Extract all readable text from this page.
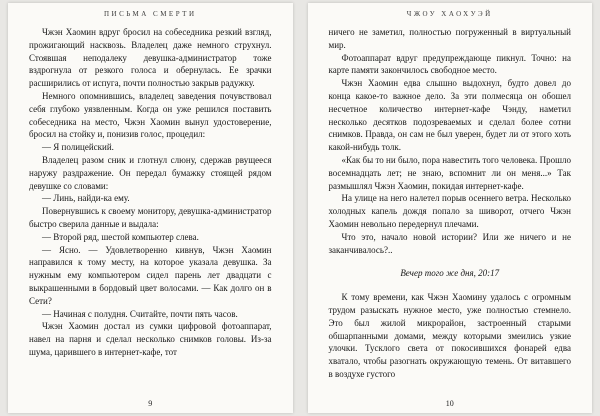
ПИСЬМА СМЕРТИ
Чжэн Хаомин вдруг бросил на собеседника резкий взгляд, прожигающий насквозь. Владелец даже немного струхнул. Стоявшая неподалеку девушка-администратор тоже вздрогнула от резкого голоса и обернулась. Ее зрачки расширились от испуга, почти полностью закрыв радужку.
Немного опомнившись, владелец заведения почувствовал себя глубоко уязвленным. Когда он уже решился поставить собеседника на место, Чжэн Хаомин вынул удостоверение, бросил на стойку и, понизив голос, процедил:
— Я полицейский.
Владелец разом сник и глотнул слюну, сдержав рвущееся наружу раздражение. Он передал бумажку стоящей рядом девушке со словами:
— Линь, найди-ка ему.
Повернувшись к своему монитору, девушка-администратор быстро сверила данные и выдала:
— Второй ряд, шестой компьютер слева.
— Ясно. — Удовлетворенно кивнув, Чжэн Хаомин направился к тому месту, на которое указала девушка. За нужным ему компьютером сидел парень лет двадцати с выкрашенными в бордовый цвет волосами. — Как долго он в Сети?
— Начиная с полудня. Считайте, почти пять часов.
Чжэн Хаомин достал из сумки цифровой фотоаппарат, навел на парня и сделал несколько снимков головы. Из-за шума, царившего в интернет-кафе, тот
9
ЧЖОУ ХАОХУЭЙ
ничего не заметил, полностью погруженный в виртуальный мир.
Фотоаппарат вдруг предупреждающе пикнул. Точно: на карте памяти закончилось свободное место.
Чжэн Хаомин едва слышно выдохнул, будто довел до конца какое-то важное дело. За эти полмесяца он обошел несчетное количество интернет-кафе Чэнду, наметил несколько десятков подозреваемых и сделал более сотни снимков. Правда, он сам не был уверен, будет ли от этого хоть какой-нибудь толк.
«Как бы то ни было, пора навестить того человека. Прошло восемнадцать лет; не знаю, вспомнит ли он меня...» Так размышлял Чжэн Хаомин, покидая интернет-кафе.
На улице на него налетел порыв осеннего ветра. Несколько холодных капель дождя попало за шиворот, отчего Чжэн Хаомин невольно передернул плечами.
Что это, начало новой истории? Или же ничего и не заканчивалось?..
Вечер того же дня, 20:17
К тому времени, как Чжэн Хаомину удалось с огромным трудом разыскать нужное место, уже полностью стемнело. Это был жилой микрорайон, застроенный старыми обшарпанными домами, между которыми змеились узкие улочки. Тусклого света от покосившихся фонарей едва хватало, чтобы разогнать окружающую темень. От витавшего в воздухе густого
10
